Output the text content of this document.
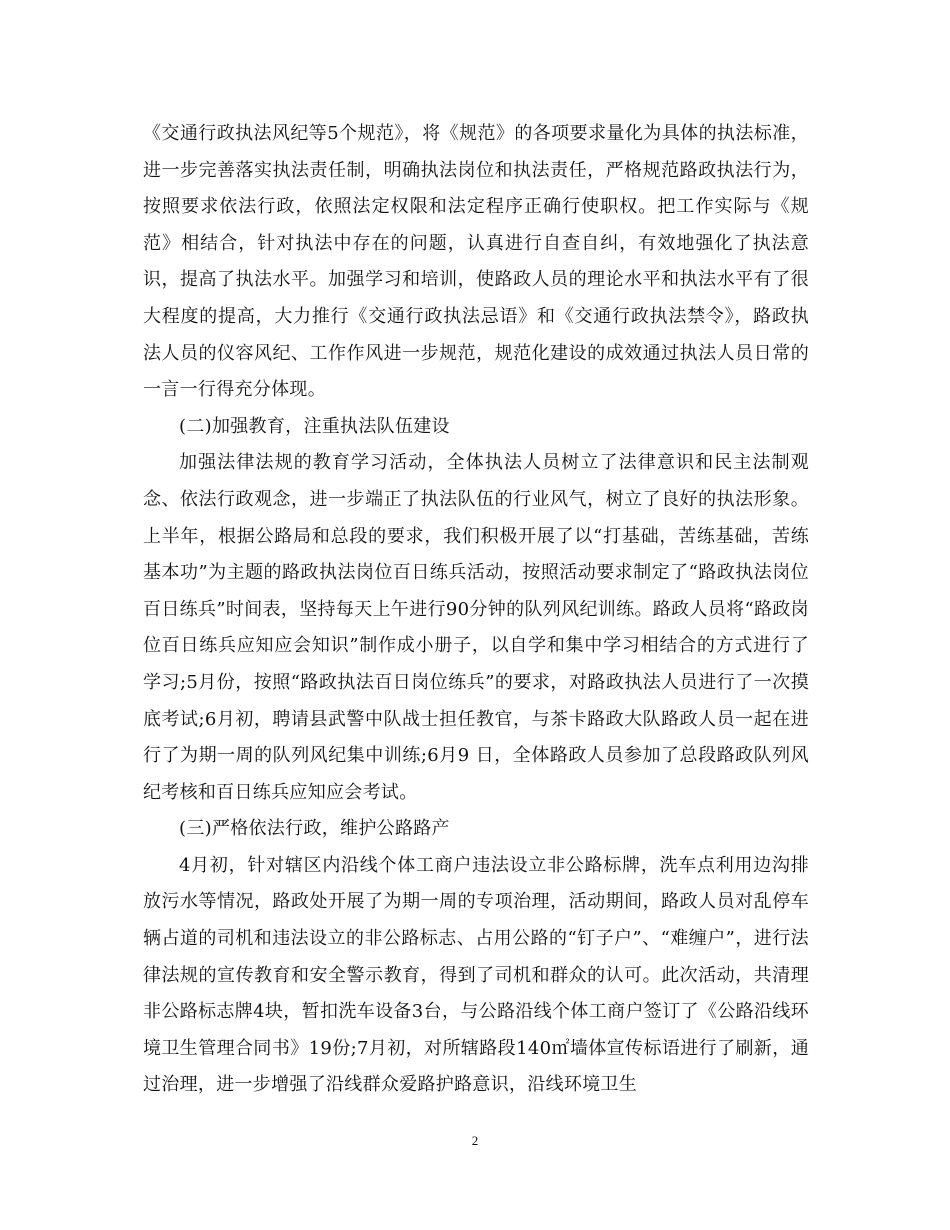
《交通行政执法风纪等5个规范》，将《规范》的各项要求量化为具体的执法标准，进一步完善落实执法责任制，明确执法岗位和执法责任，严格规范路政执法行为，按照要求依法行政，依照法定权限和法定程序正确行使职权。把工作实际与《规范》相结合，针对执法中存在的问题，认真进行自查自纠，有效地强化了执法意识，提高了执法水平。加强学习和培训，使路政人员的理论水平和执法水平有了很大程度的提高，大力推行《交通行政执法忌语》和《交通行政执法禁令》，路政执法人员的仪容风纪、工作作风进一步规范，规范化建设的成效通过执法人员日常的一言一行得充分体现。

(二)加强教育，注重执法队伍建设

加强法律法规的教育学习活动，全体执法人员树立了法律意识和民主法制观念、依法行政观念，进一步端正了执法队伍的行业风气，树立了良好的执法形象。上半年，根据公路局和总段的要求，我们积极开展了以“打基础，苦练基础，苦练基本功”为主题的路政执法岗位百日练兵活动，按照活动要求制定了“路政执法岗位百日练兵”时间表，坚持每天上午进行90分钟的队列风纪训练。路政人员将“路政岗位百日练兵应知应会知识”制作成小册子，以自学和集中学习相结合的方式进行了学习;5月份，按照“路政执法百日岗位练兵”的要求，对路政执法人员进行了一次摸底考试;6月初，聘请县武警中队战士担任教官，与茶卡路政大队路政人员一起在进行了为期一周的队列风纪集中训练;6月9 日，全体路政人员参加了总段路政队列风纪考核和百日练兵应知应会考试。

(三)严格依法行政，维护公路路产

4月初，针对辖区内沿线个体工商户违法设立非公路标牌，洗车点利用边沟排放污水等情况，路政处开展了为期一周的专项治理，活动期间，路政人员对乱停车辆占道的司机和违法设立的非公路标志、占用公路的“钉子户”、“难缠户”，进行法律法规的宣传教育和安全警示教育，得到了司机和群众的认可。此次活动，共清理非公路标志牌4块，暂扣洗车设备3台，与公路沿线个体工商户签订了《公路沿线环境卫生管理合同书》19份;7月初，对所辖路段140㎡墙体宣传标语进行了刷新，通过治理，进一步增强了沿线群众爱路护路意识，沿线环境卫生

2
